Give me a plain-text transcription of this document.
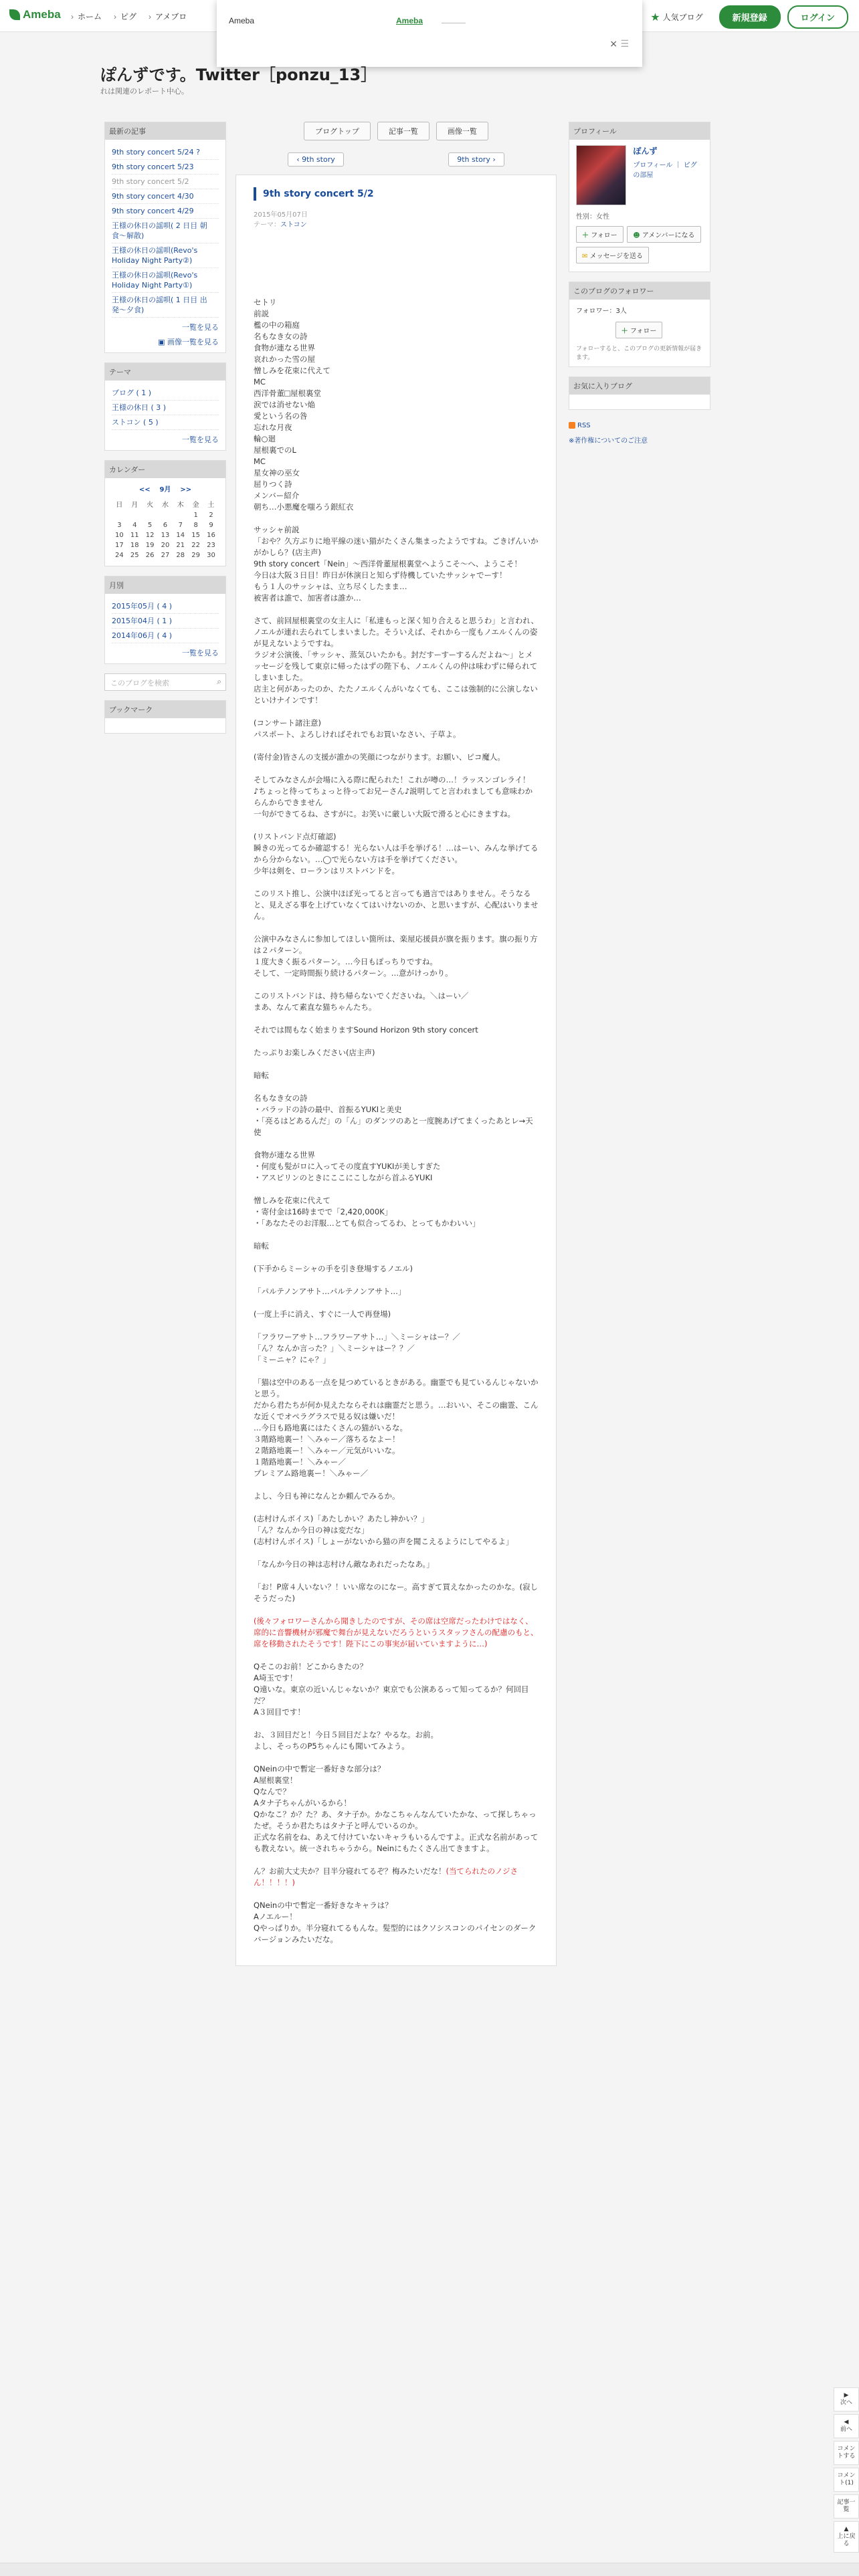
Ameba	› ホーム	› ピグ	› アメブロ	★ 人気ブログ	新規登録	ログイン
Ameba	Ameba
× ☰
ぽんずです。Twitter［ponzu_13］
れは関連のレポート中心。
最新の記事
9th story concert 5/24 ?
9th story concert 5/23
9th story concert 5/2
9th story concert 4/30
9th story concert 4/29
王様の休日の謡唄( 2 日目 朝食〜解散)
王様の休日の謡唄(Revo's Holiday Night Party②)
王様の休日の謡唄(Revo's Holiday Night Party①)
王様の休日の謡唄( 1 日目 出発〜夕食)
一覧を見る
▣ 画像一覧を見る
テーマ
ブログ ( 1 )
王様の休日 ( 3 )
ストコン ( 5 )
一覧を見る
カレンダー
<< 9月 >>
日	月	火	水	木	金	土
					1	2
3	4	5	6	7	8	9
10	11	12	13	14	15	16
17	18	19	20	21	22	23
24	25	26	27	28	29	30
月別
2015年05月 ( 4 )
2015年04月 ( 1 )
2014年06月 ( 4 )
一覧を見る
このブログを検索	⌕
ブックマーク
ブログトップ	記事一覧	画像一覧
‹ 9th story	9th story ›
9th story concert 5/2
2015年05月07日
テーマ：ストコン
セトリ
前説
檻の中の箱庭
名もなき女の詩
食物が連なる世界
哀れかった雪の屋
憎しみを花束に代えて
MC
西洋骨董 屋根裏堂
涙では消せない焔
愛という名の咎
忘れな月夜
輪○廻
屋根裏でのL
MC
星女神の巫女
屈りつく詩
メンバー紹介
朝ち…小悪魔を嗤ろう銀紅衣

サッシャ前説
「おや？久方ぶりに地平線の迷い猫がたくさん集まったようですね。ごきげんいかがかしら？(店主声)
9th story concert「Nein」〜西洋骨董屋根裏堂へようこそ〜へ、ようこそ！
今日は大阪３日目！昨日が休演日と知らず待機していたサッシャでーす！
もう１人のサッシャは、立ち尽くしたまま…
被害者は誰で、加害者は誰か…

さて、前回屋根裏堂の女主人に「私達もっと深く知り合えると思うわ」と言われ、ノエルが連れ去られてしまいました。そういえば、それから一度もノエルくんの姿が見えないようですね。
ラジオ公演後、「サッシャ、蒸気ひいたかも。封だすーすーするんだよね〜」とメッセージを残して東京に帰ったはずの陛下も、ノエルくんの仲は味わずに帰られてしまいました。
店主と何があったのか、たたノエルくんがいなくても、ここは強制的に公演しないといけナインです！

(コンサート諸注意)
パスポート、よろしければそれでもお買いなさい、子草よ。

(寄付金)皆さんの支援が誰かの笑顔につながります。お願い、ピコ魔人。

そしてみなさんが会場に入る際に配られた！これが噂の…！ラッスンゴレライ！
♪ちょっと待ってちょっと待ってお兄ーさん♪説明してと言われましても意味わからんからできません
一句ができてるね、さすがに。お笑いに厳しい大阪で滑ると心にきますね。

(リストバンド点灯確認)
瞬きの光ってるか確認する！光らない人は手を挙げる！…はーい、みんな挙げてるから分からない。…◯で光らない方は手を挙げてください。
少年は剣を、ローランはリストバンドを。

このリスト推し、公演中ほぼ光ってると言っても過言ではありません。そうなると、見えざる事を上げていなくてはいけないのか、と思いますが、心配はいりません。

公演中みなさんに参加してほしい箇所は、楽屋応援員が旗を振ります。旗の振り方は２パターン。
１度大きく振るパターン。…今日もぽっちりですね。
そして、一定時間振り続けるパターン。…意がけっかり。

このリストバンドは、持ち帰らないでくださいね。＼はーい／
まあ、なんて素直な猫ちゃんたち。

それでは間もなく始まりますSound Horizon 9th story concert

たっぷりお楽しみください(店主声)

暗転

名もなき女の詩
・バラッドの詩の最中、首振るYUKIと美史
・「亮るはどあるんだ」の「ん」のダンツのあと一度腕あげてまくったあとレ→天使

食物が連なる世界
・何度も髪がロに入ってその度直すYUKIが美しすぎた
・アスピリンのときにここにこしながら首ふるYUKI

憎しみを花束に代えて
・寄付金は16時までで「2,420,000K」
・「あなたそのお洋服…とても似合ってるわ、とってもかわいい」

暗転

(下手からミーシャの手を引き登場するノエル)

「パルテノンアサト…パルテノンアサト…」

(一度上手に消え、すぐに一人で再登場)

「フラワーアサト…フラワーアサト…」＼ミーシャはー？／
「ん？なんか言った？」＼ミーシャはー？？／
「ミーニャ？にゃ？」

「猫は空中のある一点を見つめているときがある。幽霊でも見ているんじゃないかと思う。
だから君たちが何か見えたならそれは幽霊だと思う。…おいい、そこの幽霊、こんな近くでオペラグラスで見る奴は嫌いだ！
…今日も路地裏にはたくさんの猫がいるな。
３階路地裏ー！＼みゃー／落ちるなよー！
２階路地裏ー！＼みゃー／元気がいいな。
１階路地裏ー！＼みゃー／
プレミアム路地裏ー！＼みゃー／

よし、今日も神になんとか頼んでみるか。

(志村けんボイス)「あたしかい？あたし神かい？」
「ん？なんか今日の神は変だな」
(志村けんボイス)「しょーがないから猫の声を聞こえるようにしてやるよ」

「なんか今日の神は志村けん敵なあれだったなあ。」

「お！P席４人いない？！いい席なのになー。高すぎて買えなかったのかな。(寂しそうだった)

(後々フォロワーさんから聞きしたのですが、その席は空席だったわけではなく、席的に音響機材が邪魔で舞台が見えないだろうというスタッフさんの配慮のもと、席を移動されたそうです！陛下にこの事実が届いていますように…)

Qそこのお前！どこからきたの？
A埼玉です！
Q遠いな。東京の近いんじゃないか？東京でも公演あるって知ってるか？何回目だ？
A３回目です！

お、３回目だと！今日５回目だよな？やるな。お前。
よし、そっちのP5ちゃんにも聞いてみよう。

QNeinの中で暫定一番好きな部分は？
A屋根裏堂！
Qなんで？
Aタナ子ちゃんがいるから！
Qかなこ？か？た？あ、タナ子か。かなこちゃんなんていたかな、って探しちゃったぜ。そうか君たちはタナ子と呼んでいるのか。
正式な名前をね、あえて付けていないキャラもいるんですよ。正式な名前があっても教えない。統一されちゃうから。Neinにもたくさん出てきますよ。

ん？お前大丈夫か？目半分寝れてるぞ？梅みたいだな！(当てられたのノジさん！！！！)

QNeinの中で暫定一番好きなキャラは？
Aノエルー！
Qやっぱりか。半分寝れてるもんな。髪型的にはクソシスコンのパイセンのダークバージョンみたいだな。
プロフィール
ぽんず
プロフィール ｜ ピグの部屋
性別：女性
＋ フォロー ☻ アメンバーになる
✉ メッセージを送る
このブログのフォロワー
フォロワー：3人
＋ フォロー
フォローすると、このブログの更新情報が届きます。
お気に入りブログ
RSS
※著作権についてのご注意
▶
次へ
◀
前へ
コメントする
コメント(1)
記事一覧
▲
上に戻る
